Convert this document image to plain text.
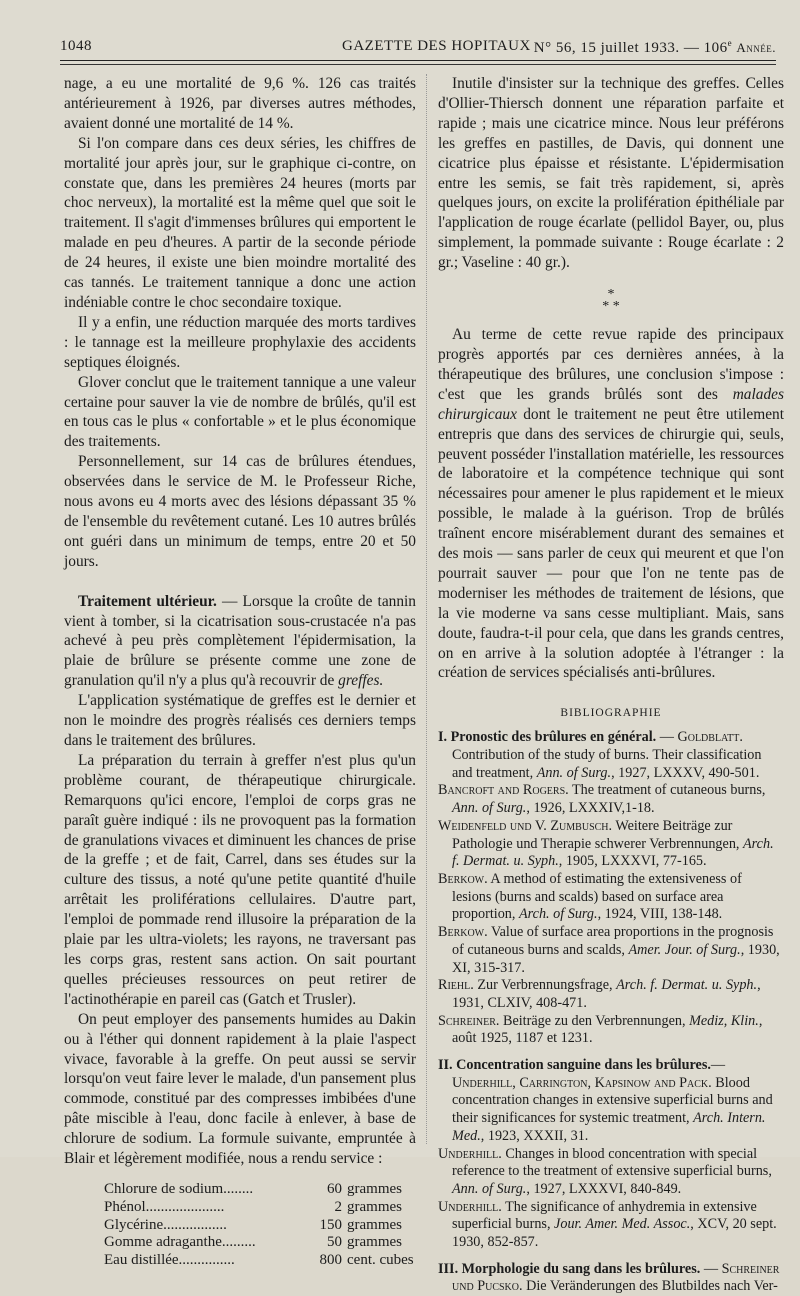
1048	GAZETTE DES HOPITAUX N° 56, 15 juillet 1933. — 106e Année.

nage, a eu une mortalité de 9,6 %. 126 cas traités antérieurement à 1926, par diverses autres méthodes, avaient donné une mortalité de 14 %.

Si l'on compare dans ces deux séries, les chiffres de mortalité jour après jour, sur le graphique ci-contre, on constate que, dans les premières 24 heures (morts par choc nerveux), la mortalité est la même quel que soit le traitement. Il s'agit d'immenses brûlures qui emportent le malade en peu d'heures. A partir de la seconde période de 24 heures, il existe une bien moindre mortalité des cas tannés. Le traitement tannique a donc une action indéniable contre le choc secondaire toxique.

Il y a enfin, une réduction marquée des morts tardives : le tannage est la meilleure prophylaxie des accidents septiques éloignés.

Glover conclut que le traitement tannique a une valeur certaine pour sauver la vie de nombre de brûlés, qu'il est en tous cas le plus « confortable » et le plus économique des traitements.

Personnellement, sur 14 cas de brûlures étendues, observées dans le service de M. le Professeur Riche, nous avons eu 4 morts avec des lésions dépassant 35 % de l'ensemble du revêtement cutané. Les 10 autres brûlés ont guéri dans un minimum de temps, entre 20 et 50 jours.

Traitement ultérieur. — Lorsque la croûte de tannin vient à tomber, si la cicatrisation sous-crustacée n'a pas achevé à peu près complètement l'épidermisation, la plaie de brûlure se présente comme une zone de granulation qu'il n'y a plus qu'à recouvrir de greffes.

L'application systématique de greffes est le dernier et non le moindre des progrès réalisés ces derniers temps dans le traitement des brûlures.

La préparation du terrain à greffer n'est plus qu'un problème courant, de thérapeutique chirurgicale. Remarquons qu'ici encore, l'emploi de corps gras ne paraît guère indiqué : ils ne provoquent pas la formation de granulations vivaces et diminuent les chances de prise de la greffe ; et de fait, Carrel, dans ses études sur la culture des tissus, a noté qu'une petite quantité d'huile arrêtait les proliférations cellulaires. D'autre part, l'emploi de pommade rend illusoire la préparation de la plaie par les ultra-violets; les rayons, ne traversant pas les corps gras, restent sans action. On sait pourtant quelles précieuses ressources on peut retirer de l'actinothérapie en pareil cas (Gatch et Trusler).

On peut employer des pansements humides au Dakin ou à l'éther qui donnent rapidement à la plaie l'aspect vivace, favorable à la greffe. On peut aussi se servir lorsqu'on veut faire lever le malade, d'un pansement plus commode, constitué par des compresses imbibées d'une pâte miscible à l'eau, donc facile à enlever, à base de chlorure de sodium. La formule suivante, empruntée à Blair et légèrement modifiée, nous a rendu service :

Chlorure de sodium........	60	grammes
Phénol.....................	2	grammes
Glycérine.................	150	grammes
Gomme adraganthe.........	50	grammes
Eau distillée...............	800	cent. cubes

Inutile d'insister sur la technique des greffes. Celles d'Ollier-Thiersch donnent une réparation parfaite et rapide ; mais une cicatrice mince. Nous leur préférons les greffes en pastilles, de Davis, qui donnent une cicatrice plus épaisse et résistante. L'épidermisation entre les semis, se fait très rapidement, si, après quelques jours, on excite la prolifération épithéliale par l'application de rouge écarlate (pellidol Bayer, ou, plus simplement, la pommade suivante : Rouge écarlate : 2 gr.; Vaseline : 40 gr.).

*
* *

Au terme de cette revue rapide des principaux progrès apportés par ces dernières années, à la thérapeutique des brûlures, une conclusion s'impose : c'est que les grands brûlés sont des malades chirurgicaux dont le traitement ne peut être utilement entrepris que dans des services de chirurgie qui, seuls, peuvent posséder l'installation matérielle, les ressources de laboratoire et la compétence technique qui sont nécessaires pour amener le plus rapidement et le mieux possible, le malade à la guérison. Trop de brûlés traînent encore misérablement durant des semaines et des mois — sans parler de ceux qui meurent et que l'on pourrait sauver — pour que l'on ne tente pas de moderniser les méthodes de traitement de lésions, que la vie moderne va sans cesse multipliant. Mais, sans doute, faudra-t-il pour cela, que dans les grands centres, on en arrive à la solution adoptée à l'étranger : la création de services spécialisés anti-brûlures.

BIBLIOGRAPHIE

I. Pronostic des brûlures en général. — Goldblatt. Contribution of the study of burns. Their classification and treatment, Ann. of Surg., 1927, LXXXV, 490-501.

Bancroft and Rogers. The treatment of cutaneous burns, Ann. of Surg., 1926, LXXXIV,1-18.

Weidenfeld und V. Zumbusch. Weitere Beiträge zur Pathologie und Therapie schwerer Verbrennungen, Arch. f. Dermat. u. Syph., 1905, LXXXVI, 77-165.

Berkow. A method of estimating the extensiveness of lesions (burns and scalds) based on surface area proportion, Arch. of Surg., 1924, VIII, 138-148.

Berkow. Value of surface area proportions in the prognosis of cutaneous burns and scalds, Amer. Jour. of Surg., 1930, XI, 315-317.

Riehl. Zur Verbrennungsfrage, Arch. f. Dermat. u. Syph., 1931, CLXIV, 408-471.

Schreiner. Beiträge zu den Verbrennungen, Mediz, Klin., août 1925, 1187 et 1231.

II. Concentration sanguine dans les brûlures.— Underhill, Carrington, Kapsinow and Pack. Blood concentration changes in extensive superficial burns and their significances for systemic treatment, Arch. Intern. Med., 1923, XXXII, 31.

Underhill. Changes in blood concentration with special reference to the treatment of extensive superficial burns, Ann. of Surg., 1927, LXXXVI, 840-849.

Underhill. The significance of anhydremia in extensive superficial burns, Jour. Amer. Med. Assoc., XCV, 20 sept. 1930, 852-857.

III. Morphologie du sang dans les brûlures. — Schreiner und Pucsko. Die Veränderungen des Blutbildes nach Ver-
